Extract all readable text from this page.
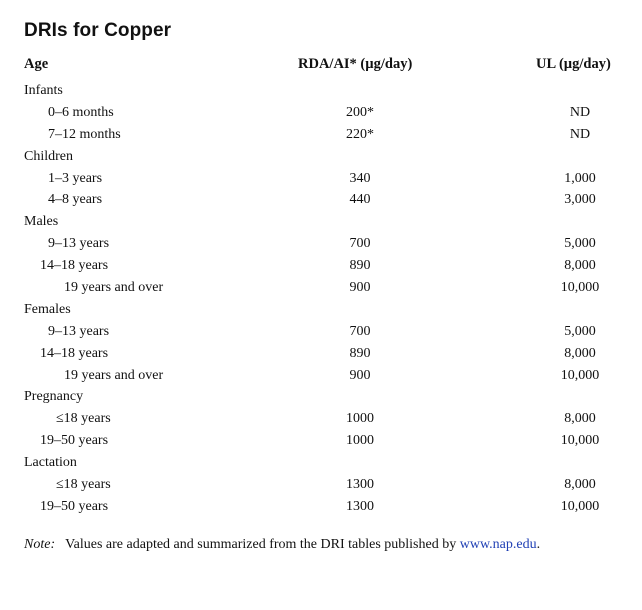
DRIs for Copper
Age	RDA/AI* (µg/day)	UL (µg/day)
Infants
0–6 months	200*	ND
7–12 months	220*	ND
Children
1–3 years	340	1,000
4–8 years	440	3,000
Males
9–13 years	700	5,000
14–18 years	890	8,000
19 years and over	900	10,000
Females
9–13 years	700	5,000
14–18 years	890	8,000
19 years and over	900	10,000
Pregnancy
≤18 years	1000	8,000
19–50 years	1000	10,000
Lactation
≤18 years	1300	8,000
19–50 years	1300	10,000
Note: Values are adapted and summarized from the DRI tables published by www.nap.edu.
